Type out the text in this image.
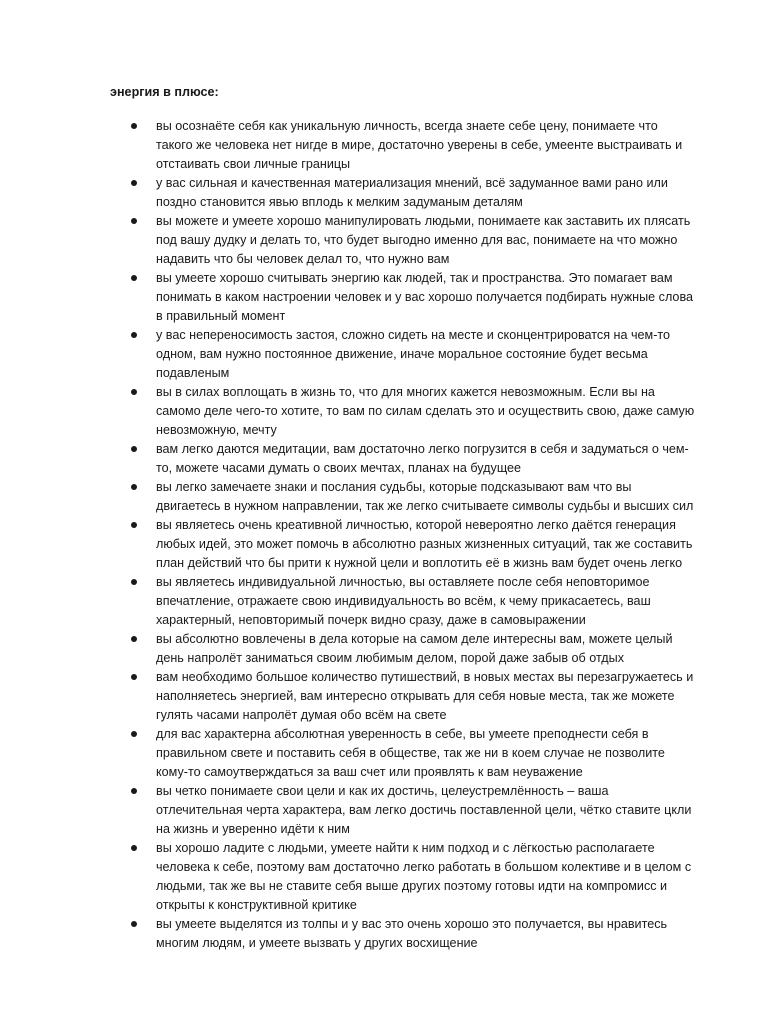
энергия в плюсе:

вы осознаёте себя как уникальную личность, всегда знаете себе цену, понимаете что
такого же человека нет нигде в мире, достаточно уверены в себе, умеенте выстраивать и
отстаивать свои личные границы
у вас сильная и качественная материализация мнений, всё задуманное вами рано или
поздно становится явью вплодь к мелким задуманым деталям
вы можете и умеете хорошо манипулировать людьми, понимаете как заставить их плясать
под вашу дудку и делать то, что будет выгодно именно для вас, понимаете на что можно
надавить что бы человек делал то, что нужно вам
вы умеете хорошо считывать энергию как людей, так и пространства. Это помагает вам
понимать в каком настроении человек и у вас хорошо получается подбирать нужные слова
в правильный момент
у вас непереносимость застоя, сложно сидеть на месте и сконцентрироватся на чем-то
одном, вам нужно постоянное движение, иначе моральное состояние будет весьма
подавленым
вы в силах воплощать в жизнь то, что для многих кажется невозможным. Если вы на
самомо деле чего-то хотите, то вам по силам сделать это и осуществить свою, даже самую
невозможную, мечту
вам легко даются медитации, вам достаточно легко погрузится в себя и задуматься о чем-
то, можете часами думать о своих мечтах, планах на будущее
вы легко замечаете знаки и послания судьбы, которые подсказывают вам что вы
двигаетесь в нужном направлении, так же легко считываете символы судьбы и высших сил
вы являетесь очень креативной личностью, которой невероятно легко даётся генерация
любых идей, это может помочь в абсолютно разных жизненных ситуаций, так же составить
план действий что бы прити к нужной цели и воплотить её в жизнь вам будет очень легко
вы являетесь индивидуальной личностью, вы оставляете после себя неповторимое
впечатление, отражаете свою индивидуальность во всём, к чему прикасаетесь, ваш
характерный, неповторимый почерк видно сразу, даже в самовыражении
вы абсолютно вовлечены в дела которые на самом деле интересны вам, можете целый
день напролёт заниматься своим любимым делом, порой даже забыв об отдых
вам необходимо большое количество путишествий, в новых местах вы перезагружаетесь и
наполняетесь энергией, вам интересно открывать для себя новые места, так же можете
гулять часами напролёт думая обо всём на свете
для вас характерна абсолютная уверенность в себе, вы умеете преподнести себя в
правильном свете и поставить себя в обществе, так же ни в коем случае не позволите
кому-то самоутверждаться за ваш счет или проявлять к вам неуважение
вы четко понимаете свои цели и как их достичь, целеустремлённость – ваша
отлечительная черта характера, вам легко достичь поставленной цели, чётко ставите цкли
на жизнь и уверенно идёти к ним
вы хорошо ладите с людьми, умеете найти к ним подход и с лёгкостью располагаете
человека к себе, поэтому вам достаточно легко работать в большом колективе и в целом с
людьми, так же вы не ставите себя выше других поэтому готовы идти на компромисс и
открыты к конструктивной критике
вы умеете выделятся из толпы и у вас это очень хорошо это получается, вы нравитесь
многим людям, и умеете вызвать у других восхищение
